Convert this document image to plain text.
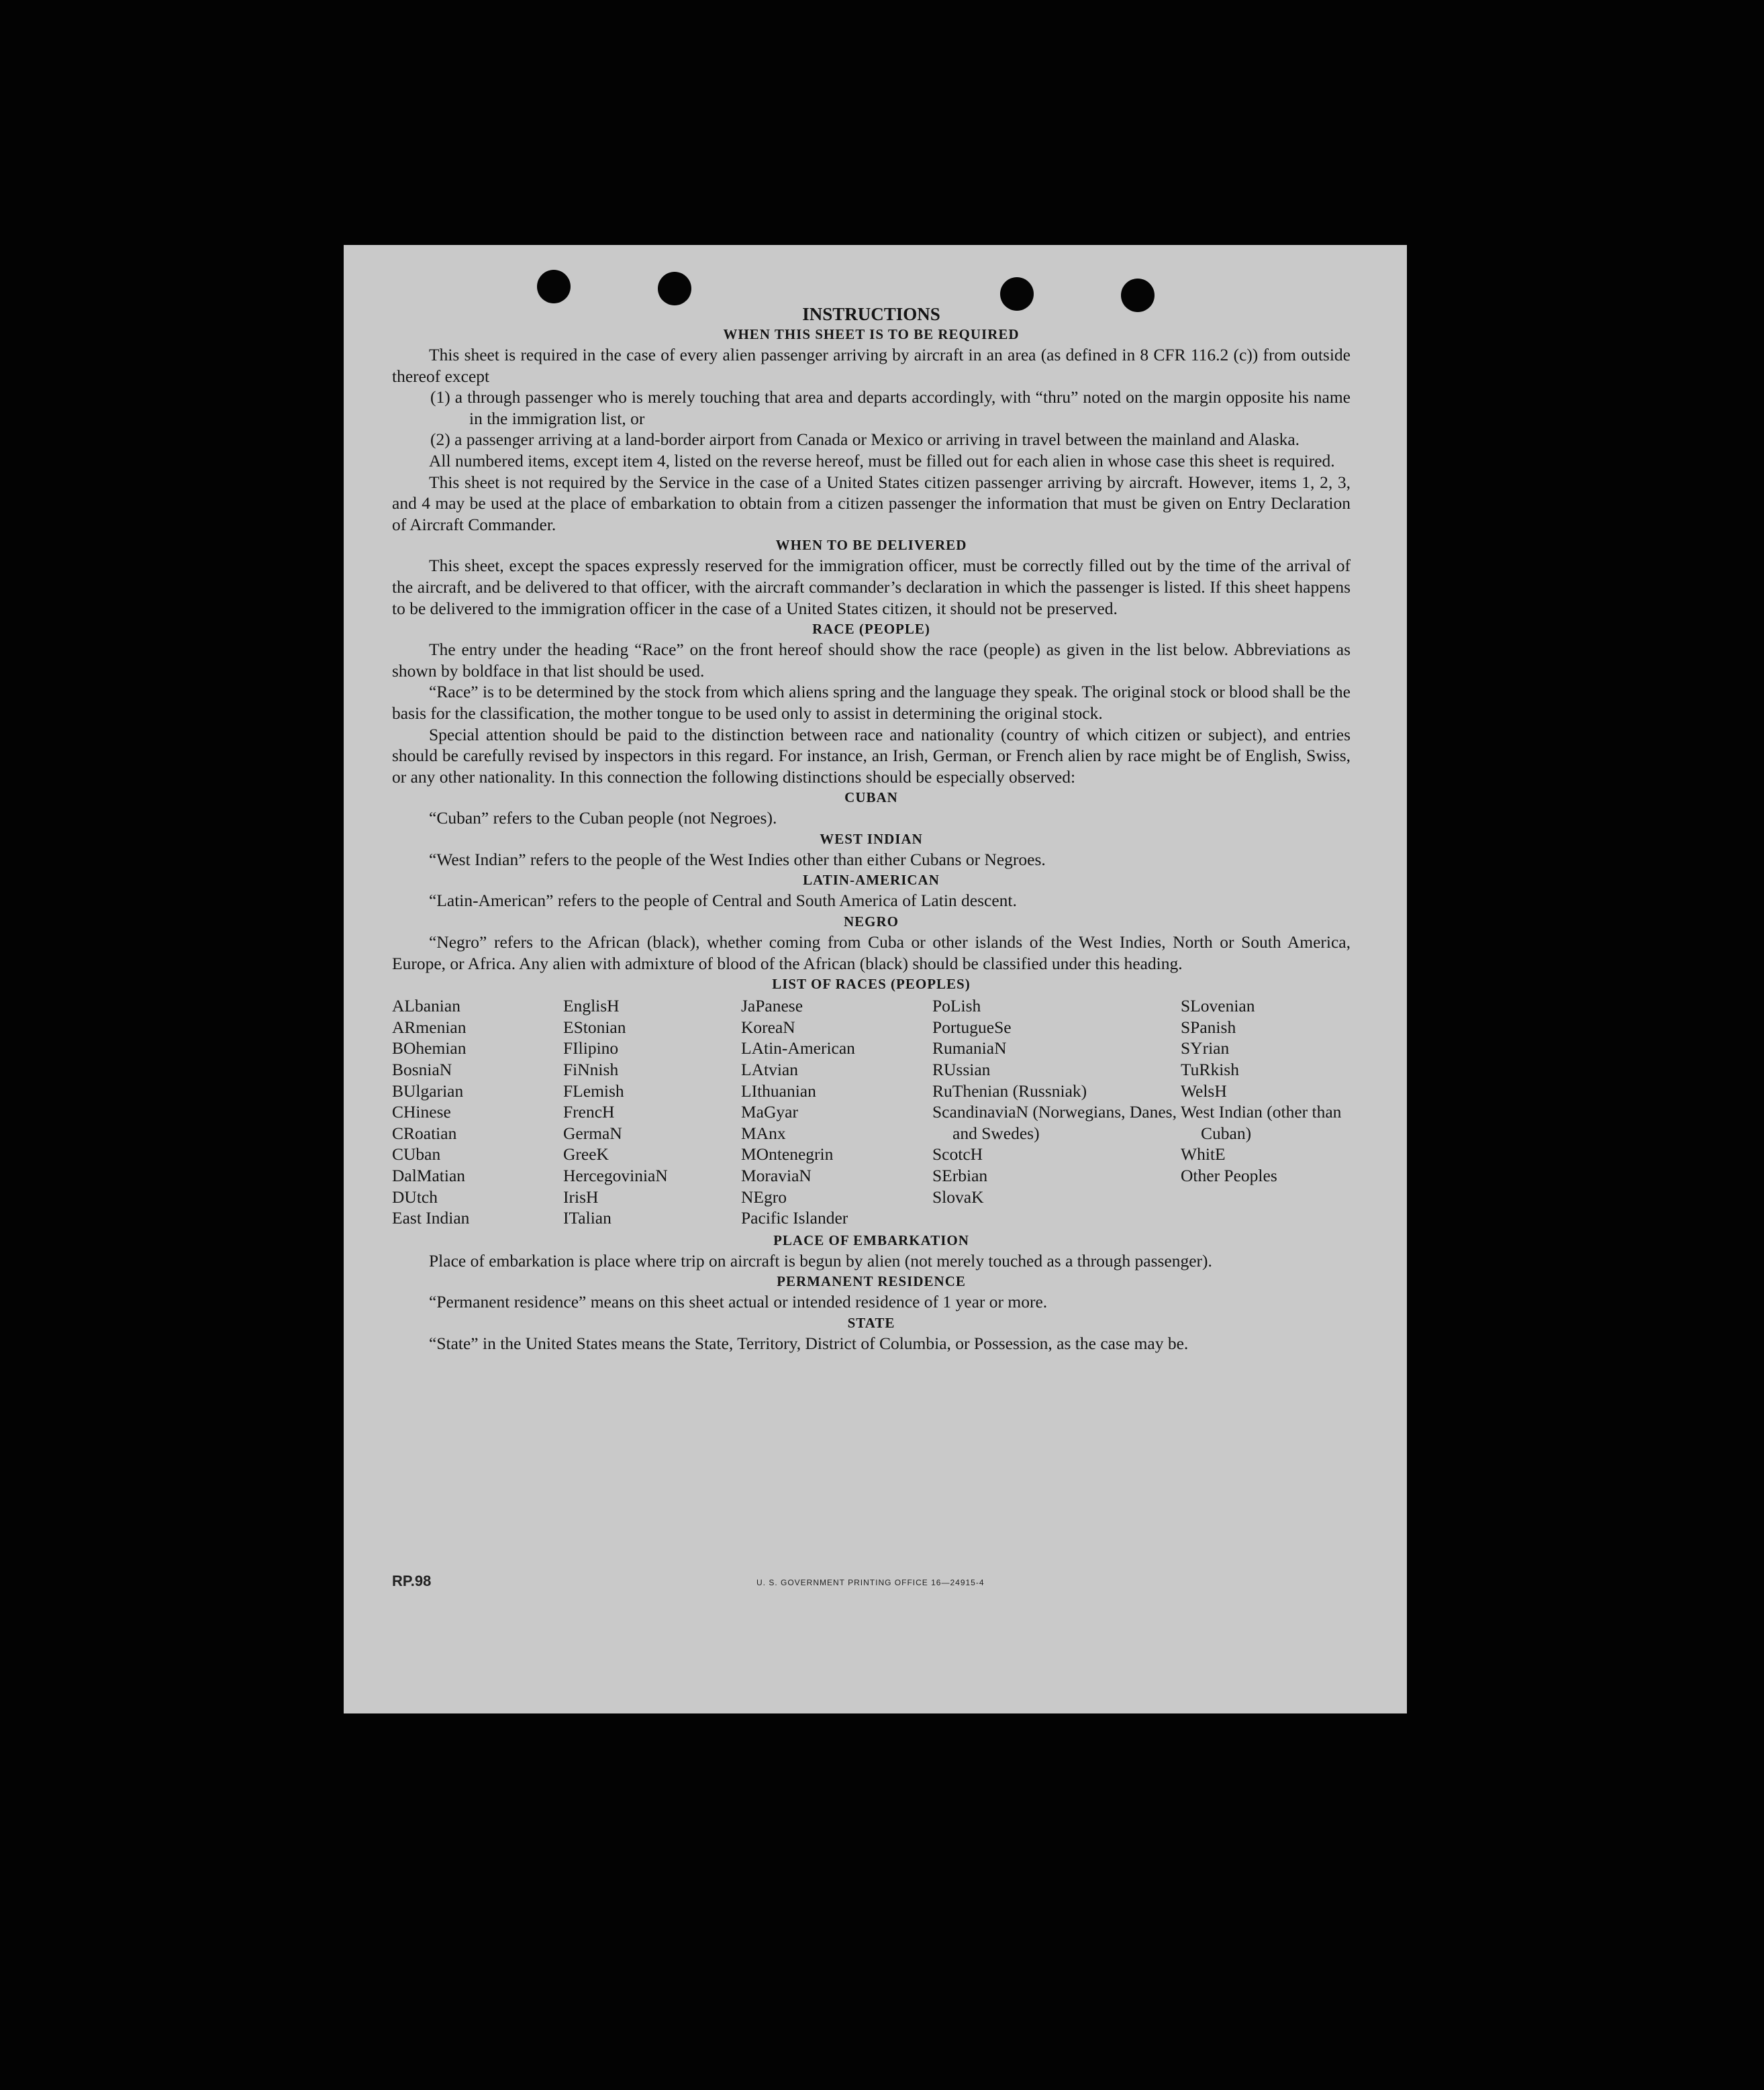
INSTRUCTIONS

WHEN THIS SHEET IS TO BE REQUIRED

This sheet is required in the case of every alien passenger arriving by aircraft in an area (as defined in 8 CFR 116.2 (c)) from outside thereof except

(1) a through passenger who is merely touching that area and departs accordingly, with “thru” noted on the margin opposite his name in the immigration list, or

(2) a passenger arriving at a land-border airport from Canada or Mexico or arriving in travel between the mainland and Alaska.

All numbered items, except item 4, listed on the reverse hereof, must be filled out for each alien in whose case this sheet is required.

This sheet is not required by the Service in the case of a United States citizen passenger arriving by aircraft. However, items 1, 2, 3, and 4 may be used at the place of embarkation to obtain from a citizen passenger the information that must be given on Entry Declaration of Aircraft Commander.

WHEN TO BE DELIVERED

This sheet, except the spaces expressly reserved for the immigration officer, must be correctly filled out by the time of the arrival of the aircraft, and be delivered to that officer, with the aircraft commander’s declaration in which the passenger is listed. If this sheet happens to be delivered to the immigration officer in the case of a United States citizen, it should not be preserved.

RACE (PEOPLE)

The entry under the heading “Race” on the front hereof should show the race (people) as given in the list below. Abbreviations as shown by boldface in that list should be used.

“Race” is to be determined by the stock from which aliens spring and the language they speak. The original stock or blood shall be the basis for the classification, the mother tongue to be used only to assist in determining the original stock.

Special attention should be paid to the distinction between race and nationality (country of which citizen or subject), and entries should be carefully revised by inspectors in this regard. For instance, an Irish, German, or French alien by race might be of English, Swiss, or any other nationality. In this connection the following distinctions should be especially observed:

CUBAN

“Cuban” refers to the Cuban people (not Negroes).

WEST INDIAN

“West Indian” refers to the people of the West Indies other than either Cubans or Negroes.

LATIN-AMERICAN

“Latin-American” refers to the people of Central and South America of Latin descent.

NEGRO

“Negro” refers to the African (black), whether coming from Cuba or other islands of the West Indies, North or South America, Europe, or Africa. Any alien with admixture of blood of the African (black) should be classified under this heading.

LIST OF RACES (PEOPLES)

ALbanian
ARmenian
BOhemian
BosniaN
BUlgarian
CHinese
CRoatian
CUban
DalMatian
DUtch
East Indian
EnglisH
EStonian
FIlipino
FiNnish
FLemish
FrencH
GermaN
GreeK
HercegoviniaN
IrisH
ITalian
JaPanese
KoreaN
LAtin-American
LAtvian
LIthuanian
MaGyar
MAnx
MOntenegrin
MoraviaN
NEgro
Pacific Islander
PoLish
PortugueSe
RumaniaN
RUssian
RuThenian (Russniak)
ScandinaviaN (Norwegians, Danes, and Swedes)
ScotcH
SErbian
SlovaK
SLovenian
SPanish
SYrian
TuRkish
WelsH
West Indian (other than Cuban)
WhitE
Other Peoples

PLACE OF EMBARKATION

Place of embarkation is place where trip on aircraft is begun by alien (not merely touched as a through passenger).

PERMANENT RESIDENCE

“Permanent residence” means on this sheet actual or intended residence of 1 year or more.

STATE

“State” in the United States means the State, Territory, District of Columbia, or Possession, as the case may be.

RP.98	U. S. GOVERNMENT PRINTING OFFICE 16—24915-4
